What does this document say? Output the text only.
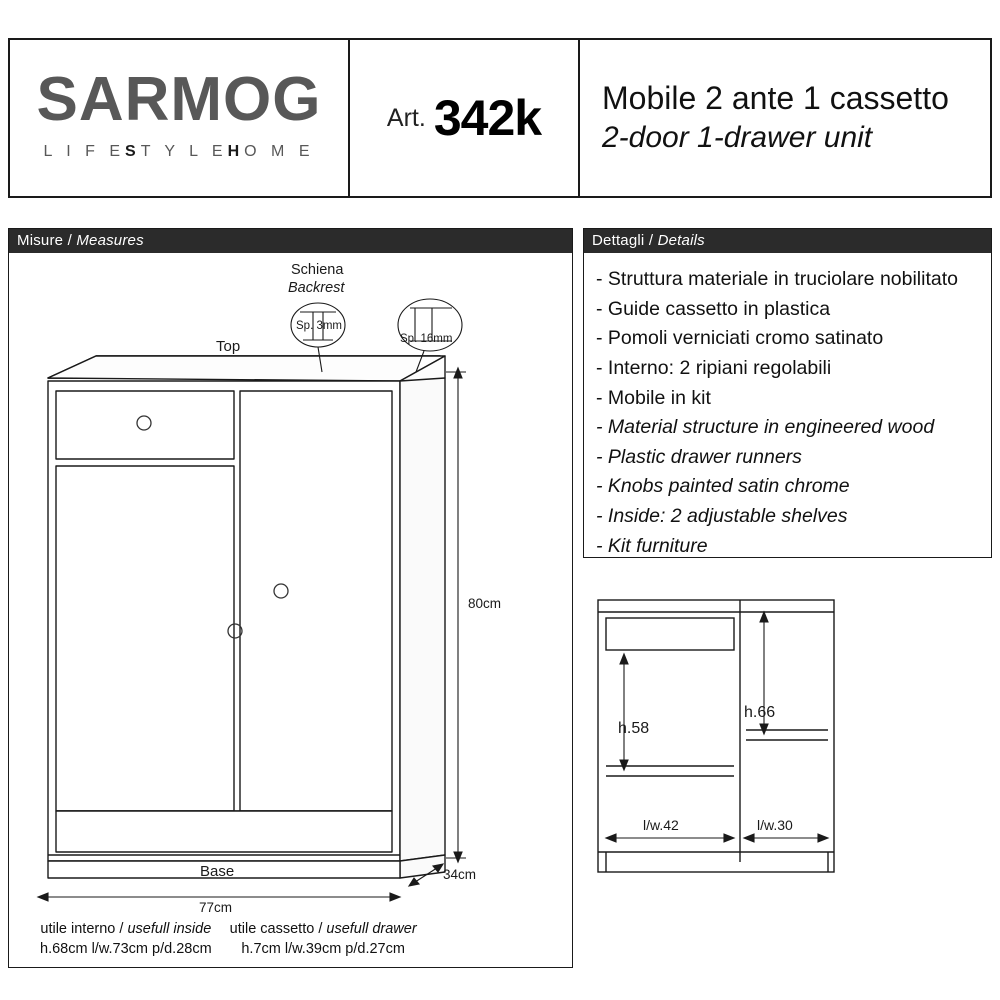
SARMOG
L I F EST Y L EHO M E
Art. 342k Mobile 2 ante 1 cassetto
2-door 1-drawer unit
Misure / Measures	Dettagli / Details
- Struttura materiale in truciolare nobilitato
- Guide cassetto in plastica
- Pomoli verniciati cromo satinato
- Interno: 2 ripiani regolabili
- Mobile in kit
- Material structure in engineered wood
- Plastic drawer runners
- Knobs painted satin chrome
- Inside: 2 adjustable shelves
- Kit furniture
Top
Base
Schiena
Backrest
Sp. 3mm
Sp. 16mm
80cm
77cm
34cm
h.58
h.66
l/w.42	l/w.30
utile interno / usefull inside
h.68cm l/w.73cm p/d.28cm
utile cassetto / usefull drawer
h.7cm l/w.39cm p/d.27cm
